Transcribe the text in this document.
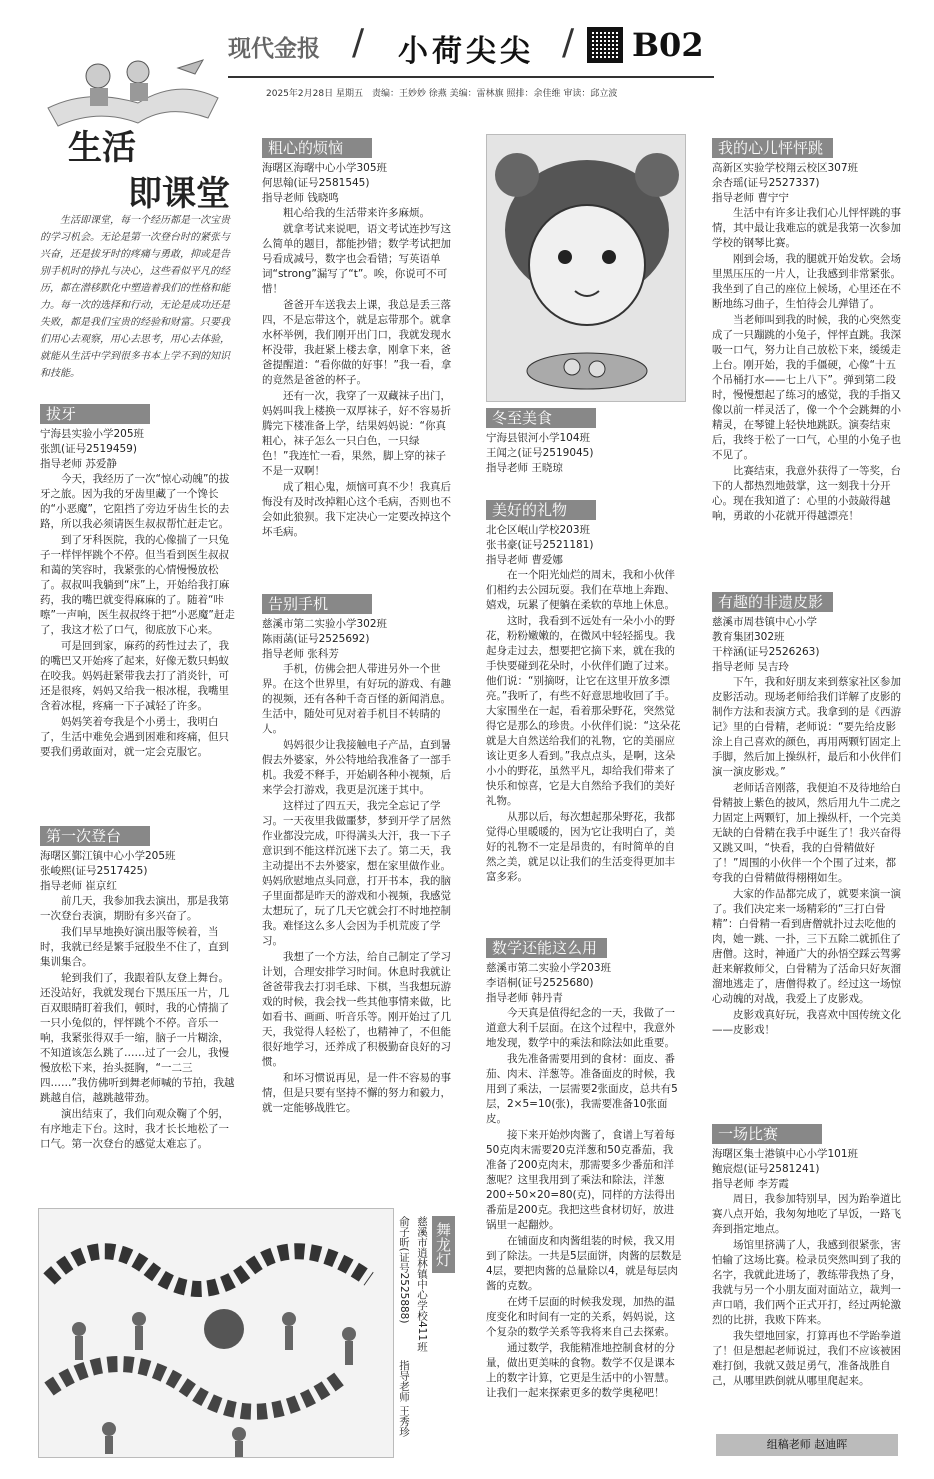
现代金报 / 小荷尖尖 / B02
2025年2月28日 星期五　责编：王妙妙 徐燕 美编：雷林旗 照排：余佳维 审读：邱立波
生活
即课堂

生活即课堂，每一个经历都是一次宝贵的学习机会。无论是第一次登台时的紧张与兴奋，还是拔牙时的疼痛与勇敢，抑或是告别手机时的挣扎与决心，这些看似平凡的经历，都在潜移默化中塑造着我们的性格和能力。每一次的选择和行动，无论是成功还是失败，都是我们宝贵的经验和财富。只要我们用心去观察，用心去思考，用心去体验，就能从生活中学到很多书本上学不到的知识和技能。

拔牙
宁海县实验小学205班
张凯(证号2519459)
指导老师 苏爱静

今天，我经历了一次“惊心动魄”的拔牙之旅。因为我的牙齿里藏了一个馋长的“小恶魔”，它阻挡了旁边牙齿生长的去路，所以我必须请医生叔叔帮忙赶走它。

到了牙科医院，我的心像揣了一只兔子一样怦怦跳个不停。但当看到医生叔叔和蔼的笑容时，我紧张的心情慢慢放松了。叔叔叫我躺到“床”上，开始给我打麻药，我的嘴巴就变得麻麻的了。随着“咔嚓”一声响，医生叔叔终于把“小恶魔”赶走了，我这才松了口气，彻底放下心来。

可是回到家，麻药的药性过去了，我的嘴巴又开始疼了起来，好像无数只蚂蚁在咬我。妈妈赶紧带我去打了消炎针，可还是很疼，妈妈又给我一根冰棍，我嘴里含着冰棍，疼痛一下子减轻了许多。

妈妈笑着夸我是个小勇士，我明白了，生活中难免会遇到困难和疼痛，但只要我们勇敢面对，就一定会克服它。

第一次登台
海曙区鄞江镇中心小学205班
张峻熙(证号2517425)
指导老师 崔京红

前几天，我参加我去演出，那是我第一次登台表演，期盼有多兴奋了。

我们早早地换好演出服等候着，当时，我就已经是繁手冠股坐不住了，直到集训集合。

轮到我们了，我跟着队友登上舞台。还没站好，我就发现台下黑压压一片，几百双眼睛盯着我们，顿时，我的心情揣了一只小兔似的，怦怦跳个不停。音乐一响，我紧张得双手一缩，脑子一片糊涂，不知道该怎么跳了……过了一会儿，我慢慢放松下来，抬头挺胸，“一二三四……”我仿佛听到舞老师喊的节拍，我越跳越自信，越跳越带劲。

演出结束了，我们向观众鞠了个躬，有序地走下台。这时，我才长长地松了一口气。第一次登台的感觉太难忘了。

粗心的烦恼
海曙区海曙中心小学305班
何思翰(证号2581545)
指导老师 钱晓鸣

粗心给我的生活带来许多麻烦。

就拿考试来说吧，语文考试连抄写这么简单的题目，都能抄错；数学考试把加号看成减号，数字也会看错；写英语单词“strong”漏写了“t”。唉，你说可不可惜！

爸爸开车送我去上课，我总是丢三落四，不是忘带这个，就是忘带那个。就拿水杯举例，我们刚开出门口，我就发现水杯没带，我赶紧上楼去拿，刚拿下来，爸爸提醒道：“看你做的好事！”我一看，拿的竟然是爸爸的杯子。

还有一次，我穿了一双藏袜子出门，妈妈叫我上楼换一双厚袜子，好不容易折腾完下楼准备上学，结果妈妈说：“你真粗心，袜子怎么一只白色，一只绿色！”我连忙一看，果然，脚上穿的袜子不是一双啊！

成了粗心鬼，烦恼可真不少！我真后悔没有及时改掉粗心这个毛病，否则也不会如此狼狈。我下定决心一定要改掉这个坏毛病。

告别手机
慈溪市第二实验小学302班
陈雨菡(证号2525692)
指导老师 张科芳

手机，仿佛会把人带进另外一个世界。在这个世界里，有好玩的游戏、有趣的视频，还有各种千奇百怪的新闻消息。生活中，随处可见对着手机目不转睛的人。

妈妈很少让我接触电子产品，直到暑假去外婆家，外公特地给我准备了一部手机。我爱不释手，开始刷各种小视频，后来学会打游戏，我更是沉迷于其中。

这样过了四五天，我完全忘记了学习。一天夜里我做噩梦，梦到开学了居然作业都没完成，吓得满头大汗，我一下子意识到不能这样沉迷下去了。第二天，我主动提出不去外婆家，想在家里做作业。妈妈欣慰地点头同意，打开书本，我的脑子里面都是昨天的游戏和小视频，我感觉太想玩了，玩了几天它就会打不时地控制我。难怪这么多人会因为手机荒废了学习。

我想了一个方法，给自己制定了学习计划，合理安排学习时间。休息时我就让爸爸带我去打羽毛球、下棋，当我想玩游戏的时候，我会找一些其他事情来做，比如看书、画画、听音乐等。刚开始过了几天，我觉得人轻松了，也精神了，不但能很好地学习，还养成了积极勤奋良好的习惯。

和坏习惯说再见，是一件不容易的事情，但是只要有坚持不懈的努力和毅力，就一定能够战胜它。

冬至美食
宁海县银河小学104班
王闻之(证号2519045)
指导老师 王晓琼
美好的礼物
北仑区岷山学校203班
张书豪(证号2521181)
指导老师 曹爱娜

在一个阳光灿烂的周末，我和小伙伴们相约去公园玩耍。我们在草地上奔跑、嬉戏，玩累了便躺在柔软的草地上休息。

这时，我看到不远处有一朵小小的野花，粉粉嫩嫩的，在微风中轻轻摇曳。我起身走过去，想要把它摘下来，就在我的手快要碰到花朵时，小伙伴们跑了过来。他们说：“别摘呀，让它在这里开放多漂亮。”我听了，有些不好意思地收回了手。大家围坐在一起，看着那朵野花，突然觉得它是那么的珍贵。小伙伴们说：“这朵花就是大自然送给我们的礼物，它的美丽应该让更多人看到。”我点点头，是啊，这朵小小的野花，虽然平凡，却给我们带来了快乐和惊喜，它是大自然给予我们的美好礼物。

从那以后，每次想起那朵野花，我都觉得心里暖暖的，因为它让我明白了，美好的礼物不一定是昂贵的，有时简单的自然之美，就足以让我们的生活变得更加丰富多彩。

数学还能这么用
慈溪市第二实验小学203班
李语桐(证号2525680)
指导老师 韩丹青

今天真是值得纪念的一天，我做了一道意大利千层面。在这个过程中，我意外地发现，数学中的乘法和除法如此重要。

我先准备需要用到的食材：面皮、番茄、肉末、洋葱等。准备面皮的时候，我用到了乘法，一层需要2张面皮，总共有5层，2×5=10(张)，我需要准备10张面皮。

接下来开始炒肉酱了，食谱上写着每50克肉末需要20克洋葱和50克番茄，我准备了200克肉末，那需要多少番茄和洋葱呢？这里我用到了乘法和除法，洋葱200÷50×20=80(克)，同样的方法得出番茄是200克。我把这些食材切好，放进锅里一起翻炒。

在铺面皮和肉酱组装的时候，我又用到了除法。一共是5层面饼，肉酱的层数是4层，要把肉酱的总量除以4，就是每层肉酱的克数。

在烤千层面的时候我发现，加热的温度变化和时间有一定的关系，妈妈说，这个复杂的数学关系等我将来自己去探索。

通过数学，我能精准地控制食材的分量，做出更美味的食物。数学不仅是课本上的数字计算，它更是生活中的小智慧。让我们一起来探索更多的数学奥秘吧！

我的心儿怦怦跳
高新区实验学校翔云校区307班
余杏瑶(证号2527337)
指导老师 曹宁宁

生活中有许多让我们心儿怦怦跳的事情，其中最让我难忘的就是我第一次参加学校的钢琴比赛。

刚到会场，我的腿就开始发软。会场里黑压压的一片人，让我感到非常紧张。我坐到了自己的座位上候场，心里还在不断地练习曲子，生怕待会儿弹错了。

当老师叫到我的时候，我的心突然变成了一只蹦跳的小兔子，怦怦直跳。我深吸一口气，努力让自己放松下来，缓缓走上台。刚开始，我的手僵硬，心像“十五个吊桶打水——七上八下”。弹到第二段时，慢慢想起了练习的感觉，我的手指又像以前一样灵活了，像一个个会跳舞的小精灵，在琴键上轻快地跳跃。演奏结束后，我终于松了一口气，心里的小兔子也不见了。

比赛结束，我意外获得了一等奖，台下的人都热烈地鼓掌，这一刻我十分开心。现在我知道了：心里的小鼓敲得越响，勇敢的小花就开得越漂亮！

有趣的非遗皮影
慈溪市周巷镇中心小学
教育集团302班
干梓涵(证号2526263)
指导老师 吴吉玲

下午，我和好朋友来到蔡家社区参加皮影活动。现场老师给我们详解了皮影的制作方法和表演方式。我拿到的是《西游记》里的白骨精，老师说：“要先给皮影涂上自己喜欢的颜色，再用两颗钉固定上手脚，然后加上操纵杆，最后和小伙伴们演一演皮影戏。”

老师话音刚落，我便迫不及待地给白骨精披上紫色的披风，然后用九牛二虎之力固定上两颗钉，加上操纵杆，一个完美无缺的白骨精在我手中诞生了！我兴奋得又跳又叫，“快看，我的白骨精做好了！”周围的小伙伴一个个围了过来，都夸我的白骨精做得栩栩如生。

大家的作品都完成了，就要来演一演了。我们决定来一场精彩的“三打白骨精”：白骨精一看到唐僧就扑过去吃他的肉，她一跳、一扑，三下五除二就抓住了唐僧。这时，神通广大的孙悟空踩云驾雾赶来解救师父，白骨精为了活命只好灰溜溜地逃走了，唐僧得救了。经过这一场惊心动魄的对战，我爱上了皮影戏。

皮影戏真好玩，我喜欢中国传统文化——皮影戏！

一场比赛
海曙区集士港镇中心小学101班
鲍宸煜(证号2581241)
指导老师 李芳霞

周日，我参加特别早，因为跆拳道比赛八点开始，我匆匆地吃了早饭，一路飞奔到指定地点。

场馆里挤满了人，我感到很紧张，害怕输了这场比赛。检录员突然叫到了我的名字，我就此进场了，教练带我热了身，我就与另一个小朋友面对面站立，裁判一声口哨，我们两个正式开打，经过两轮激烈的比拼，我败下阵来。

我失望地回家，打算再也不学跆拳道了！但是想起老师说过，我们不应该被困难打倒，我就又鼓足勇气，准备战胜自己，从哪里跌倒就从哪里爬起来。

舞龙灯
慈溪市逍林镇中心学校411班
俞子昕(证号2525888)
指导老师 王秀珍
组稿老师 赵迪晖
